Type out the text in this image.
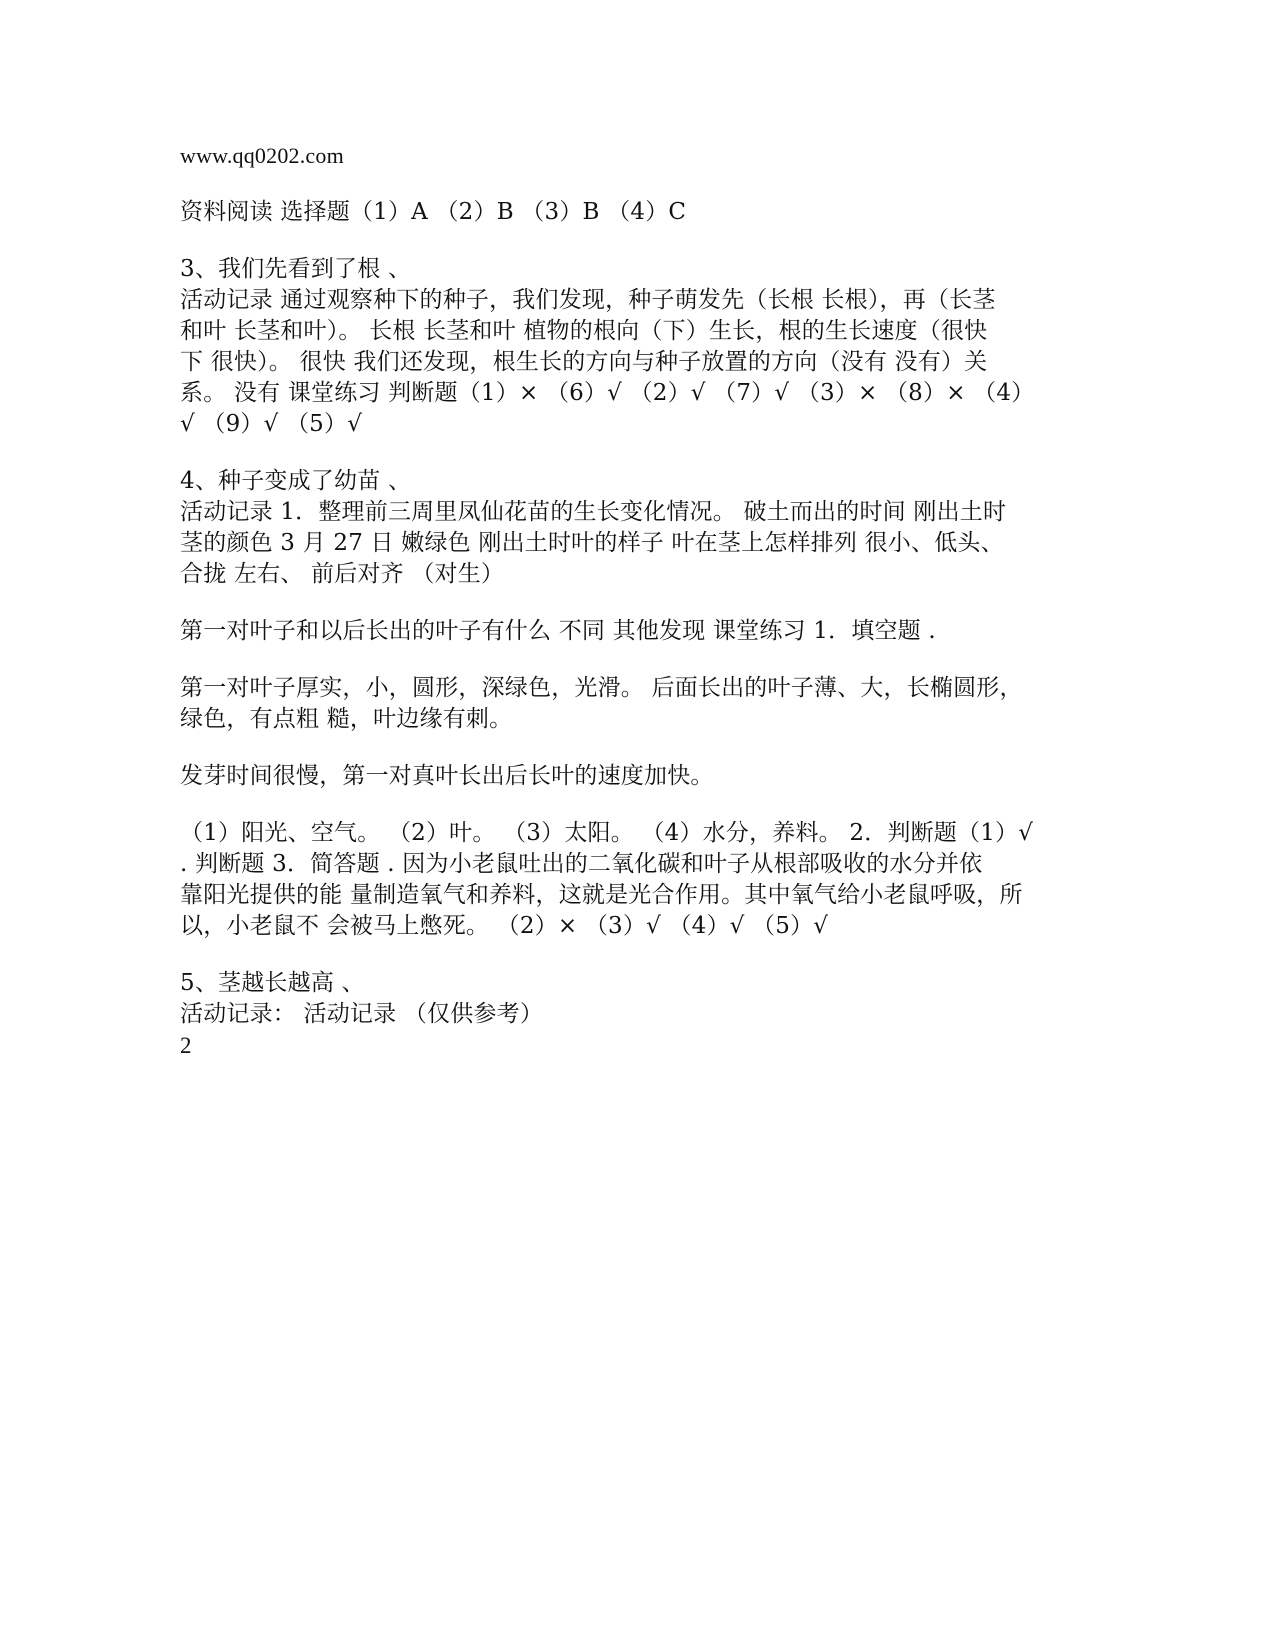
www.qq0202.com
资料阅读 选择题（1）A （2）B （3）B （4）C
3、我们先看到了根 、
活动记录 通过观察种下的种子，我们发现，种子萌发先（长根 长根），再（长茎
和叶 长茎和叶）。 长根 长茎和叶 植物的根向（下）生长，根的生长速度（很快
下 很快）。 很快 我们还发现，根生长的方向与种子放置的方向（没有 没有）关
系。 没有 课堂练习 判断题（1）× （6）√ （2）√ （7）√ （3）× （8）× （4）
√ （9）√ （5）√
4、种子变成了幼苗 、
活动记录 1．整理前三周里凤仙花苗的生长变化情况。 破土而出的时间 刚出土时
茎的颜色 3 月 27 日 嫩绿色 刚出土时叶的样子 叶在茎上怎样排列 很小、低头、
合拢 左右、 前后对齐 （对生）
第一对叶子和以后长出的叶子有什么 不同 其他发现 课堂练习 1．填空题 .
第一对叶子厚实，小，圆形，深绿色，光滑。 后面长出的叶子薄、大，长椭圆形，
绿色，有点粗 糙，叶边缘有刺。
发芽时间很慢，第一对真叶长出后长叶的速度加快。
（1）阳光、空气。 （2）叶。 （3）太阳。 （4）水分，养料。 2．判断题（1）√
. 判断题 3．简答题 . 因为小老鼠吐出的二氧化碳和叶子从根部吸收的水分并依
靠阳光提供的能 量制造氧气和养料，这就是光合作用。其中氧气给小老鼠呼吸，所
以，小老鼠不 会被马上憋死。 （2）× （3）√ （4）√ （5）√
5、茎越长越高 、
活动记录： 活动记录 （仅供参考）
2
